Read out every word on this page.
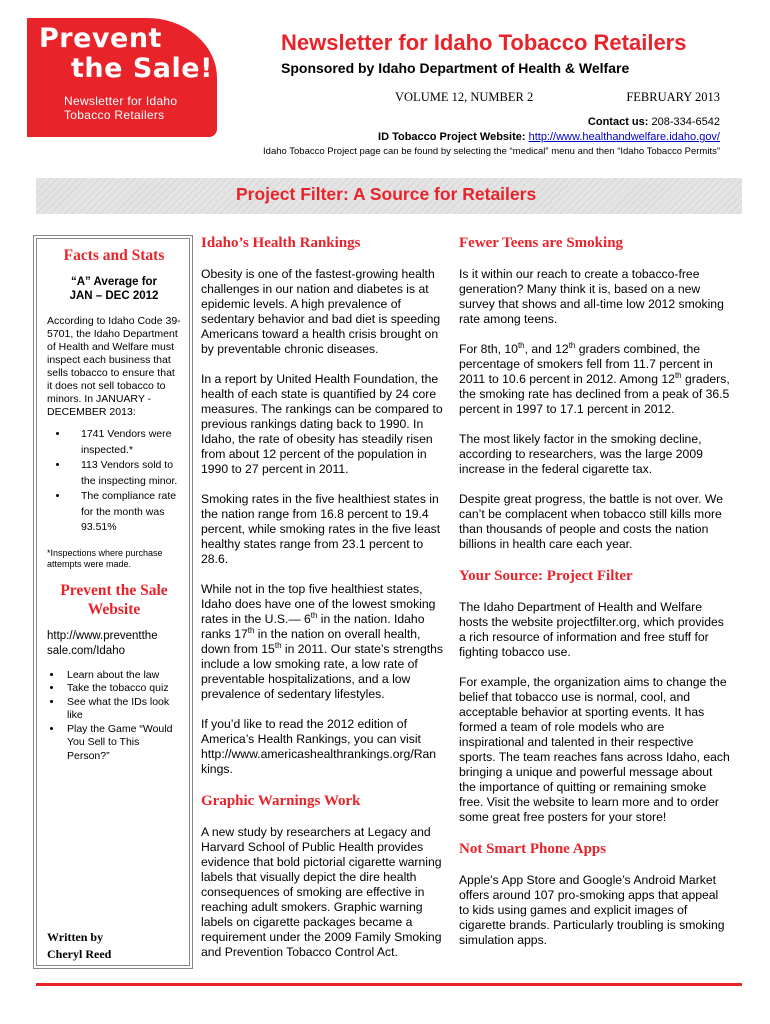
Prevent
the Sale!
Newsletter for Idaho
Tobacco Retailers
Newsletter for Idaho Tobacco Retailers
Sponsored by Idaho Department of Health & Welfare
VOLUME 12, NUMBER 2	FEBRUARY 2013
Contact us: 208-334-6542
ID Tobacco Project Website: http://www.healthandwelfare.idaho.gov/
Idaho Tobacco Project page can be found by selecting the “medical” menu and then “Idaho Tobacco Permits”
Project Filter: A Source for Retailers
Facts and Stats
“A” Average for
JAN – DEC 2012

According to Idaho Code 39-5701, the Idaho Department of Health and Welfare must inspect each business that sells tobacco to ensure that it does not sell tobacco to minors. In JANUARY - DECEMBER 2013:

• 1741 Vendors were inspected.*
• 113 Vendors sold to the inspecting minor.
• The compliance rate for the month was 93.51%

*Inspections where purchase attempts were made.

Prevent the Sale Website

http://www.preventthe sale.com/Idaho

• Learn about the law
• Take the tobacco quiz
• See what the IDs look like
• Play the Game “Would You Sell to This Person?”
Written by
Cheryl Reed
Idaho’s Health Rankings

Obesity is one of the fastest-growing health challenges in our nation and diabetes is at epidemic levels. A high prevalence of sedentary behavior and bad diet is speeding Americans toward a health crisis brought on by preventable chronic diseases.

In a report by United Health Foundation, the health of each state is quantified by 24 core measures. The rankings can be compared to previous rankings dating back to 1990. In Idaho, the rate of obesity has steadily risen from about 12 percent of the population in 1990 to 27 percent in 2011.

Smoking rates in the five healthiest states in the nation range from 16.8 percent to 19.4 percent, while smoking rates in the five least healthy states range from 23.1 percent to 28.6.

While not in the top five healthiest states, Idaho does have one of the lowest smoking rates in the U.S.— 6th in the nation. Idaho ranks 17th in the nation on overall health, down from 15th in 2011. Our state’s strengths include a low smoking rate, a low rate of preventable hospitalizations, and a low prevalence of sedentary lifestyles.

If you’d like to read the 2012 edition of America’s Health Rankings, you can visit http://www.americashealthrankings.org/Ran kings.

Graphic Warnings Work

A new study by researchers at Legacy and Harvard School of Public Health provides evidence that bold pictorial cigarette warning labels that visually depict the dire health consequences of smoking are effective in reaching adult smokers. Graphic warning labels on cigarette packages became a requirement under the 2009 Family Smoking and Prevention Tobacco Control Act.

Fewer Teens are Smoking

Is it within our reach to create a tobacco-free generation? Many think it is, based on a new survey that shows and all-time low 2012 smoking rate among teens.

For 8th, 10th, and 12th graders combined, the percentage of smokers fell from 11.7 percent in 2011 to 10.6 percent in 2012. Among 12th graders, the smoking rate has declined from a peak of 36.5 percent in 1997 to 17.1 percent in 2012.

The most likely factor in the smoking decline, according to researchers, was the large 2009 increase in the federal cigarette tax.

Despite great progress, the battle is not over. We can’t be complacent when tobacco still kills more than thousands of people and costs the nation billions in health care each year.

Your Source: Project Filter

The Idaho Department of Health and Welfare hosts the website projectfilter.org, which provides a rich resource of information and free stuff for fighting tobacco use.

For example, the organization aims to change the belief that tobacco use is normal, cool, and acceptable behavior at sporting events. It has formed a team of role models who are inspirational and talented in their respective sports. The team reaches fans across Idaho, each bringing a unique and powerful message about the importance of quitting or remaining smoke free. Visit the website to learn more and to order some great free posters for your store!

Not Smart Phone Apps

Apple’s App Store and Google’s Android Market offers around 107 pro-smoking apps that appeal to kids using games and explicit images of cigarette brands. Particularly troubling is smoking simulation apps.
